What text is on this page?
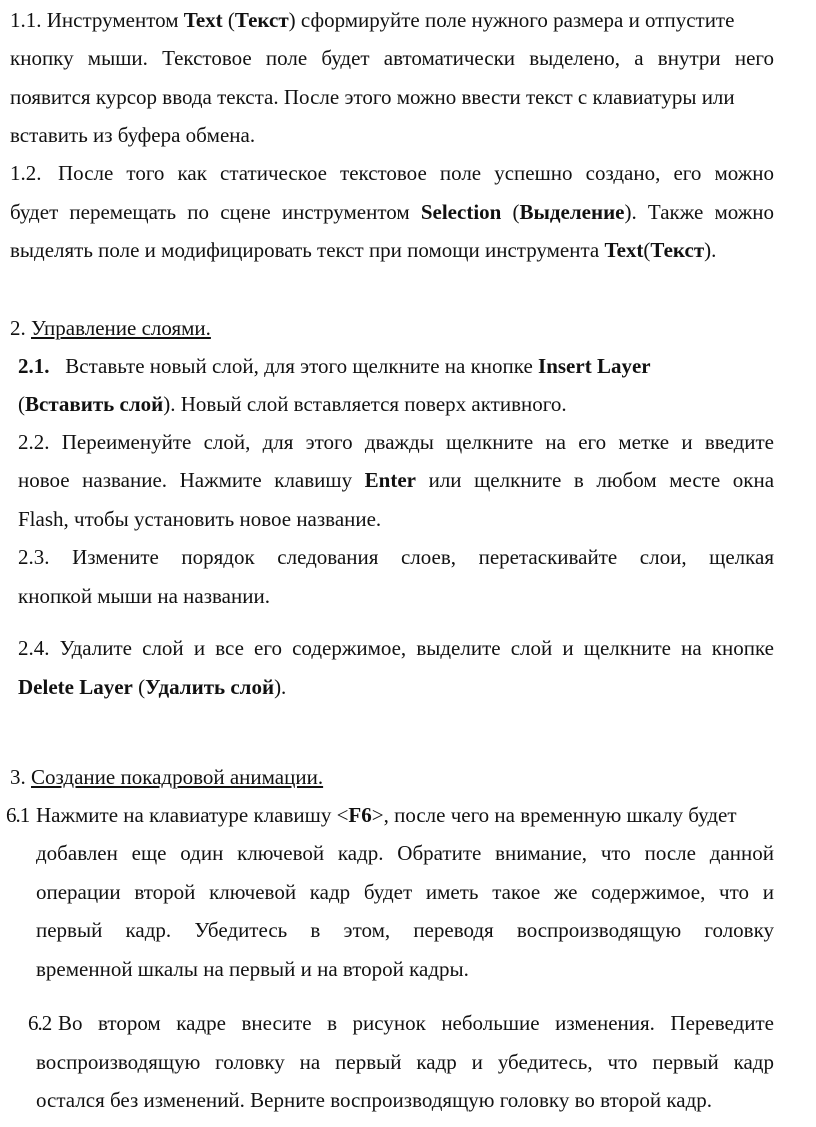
1.1. Инструментом Text (Текст) сформируйте поле нужного размера и отпустите
кнопку мыши. Текстовое поле будет автоматически выделено, а внутри него
появится курсор ввода текста. После этого можно ввести текст с клавиатуры или
вставить из буфера обмена.
1.2. После того как статическое текстовое поле успешно создано, его можно
будет перемещать по сцене инструментом Selection (Выделение). Также можно
выделять поле и модифицировать текст при помощи инструмента Text(Текст).
2. Управление слоями.
2.1. Вставьте новый слой, для этого щелкните на кнопке Insert Layer
(Вставить слой). Новый слой вставляется поверх активного.
2.2. Переименуйте слой, для этого дважды щелкните на его метке и введите
новое название. Нажмите клавишу Enter или щелкните в любом месте окна
Flash, чтобы установить новое название.
2.3. Измените порядок следования слоев, перетаскивайте слои, щелкая
кнопкой мыши на названии.
2.4. Удалите слой и все его содержимое, выделите слой и щелкните на кнопке
Delete Layer (Удалить слой).
3. Создание покадровой анимации.
6.1 Нажмите на клавиатуре клавишу <F6>, после чего на временную шкалу будет
добавлен еще один ключевой кадр. Обратите внимание, что после данной
операции второй ключевой кадр будет иметь такое же содержимое, что и
первый кадр. Убедитесь в этом, переводя воспроизводящую головку
временной шкалы на первый и на второй кадры.
6.2 Во втором кадре внесите в рисунок небольшие изменения. Переведите
воспроизводящую головку на первый кадр и убедитесь, что первый кадр
остался без изменений. Верните воспроизводящую головку во второй кадр.
